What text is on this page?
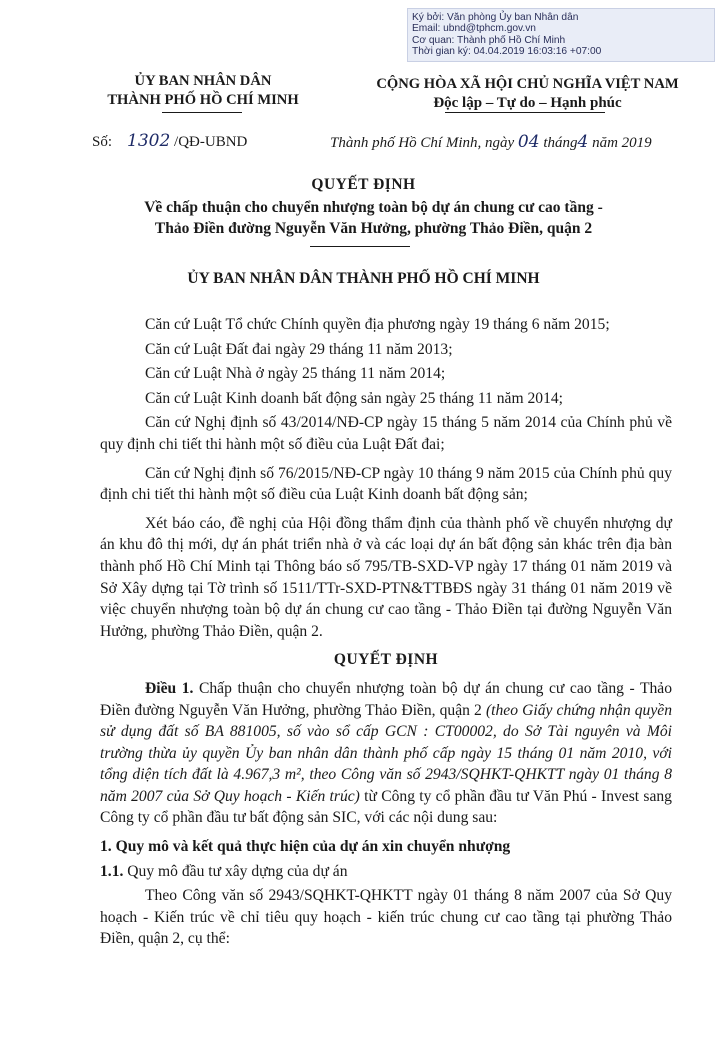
Ký bởi: Văn phòng Ủy ban Nhân dân
Email: ubnd@tphcm.gov.vn
Cơ quan: Thành phố Hồ Chí Minh
Thời gian ký: 04.04.2019 16:03:16 +07:00
ỦY BAN NHÂN DÂN
THÀNH PHỐ HỒ CHÍ MINH
CỘNG HÒA XÃ HỘI CHỦ NGHĨA VIỆT NAM
Độc lập – Tự do – Hạnh phúc
Số: 1302 /QĐ-UBND	Thành phố Hồ Chí Minh, ngày 04 tháng4 năm 2019
QUYẾT ĐỊNH
Về chấp thuận cho chuyển nhượng toàn bộ dự án chung cư cao tầng -
Thảo Điền đường Nguyễn Văn Hưởng, phường Thảo Điền, quận 2
ỦY BAN NHÂN DÂN THÀNH PHỐ HỒ CHÍ MINH

Căn cứ Luật Tổ chức Chính quyền địa phương ngày 19 tháng 6 năm 2015;

Căn cứ Luật Đất đai ngày 29 tháng 11 năm 2013;

Căn cứ Luật Nhà ở ngày 25 tháng 11 năm 2014;

Căn cứ Luật Kinh doanh bất động sản ngày 25 tháng 11 năm 2014;

Căn cứ Nghị định số 43/2014/NĐ-CP ngày 15 tháng 5 năm 2014 của Chính phủ về quy định chi tiết thi hành một số điều của Luật Đất đai;

Căn cứ Nghị định số 76/2015/NĐ-CP ngày 10 tháng 9 năm 2015 của Chính phủ quy định chi tiết thi hành một số điều của Luật Kinh doanh bất động sản;

Xét báo cáo, đề nghị của Hội đồng thẩm định của thành phố về chuyển nhượng dự án khu đô thị mới, dự án phát triển nhà ở và các loại dự án bất động sản khác trên địa bàn thành phố Hồ Chí Minh tại Thông báo số 795/TB-SXD-VP ngày 17 tháng 01 năm 2019 và Sở Xây dựng tại Tờ trình số 1511/TTr-SXD-PTN&TTBĐS ngày 31 tháng 01 năm 2019 về việc chuyển nhượng toàn bộ dự án chung cư cao tầng - Thảo Điền tại đường Nguyễn Văn Hưởng, phường Thảo Điền, quận 2.

QUYẾT ĐỊNH

Điều 1. Chấp thuận cho chuyển nhượng toàn bộ dự án chung cư cao tầng - Thảo Điền đường Nguyễn Văn Hưởng, phường Thảo Điền, quận 2 (theo Giấy chứng nhận quyền sử dụng đất số BA 881005, số vào sổ cấp GCN : CT00002, do Sở Tài nguyên và Môi trường thừa ủy quyền Ủy ban nhân dân thành phố cấp ngày 15 tháng 01 năm 2010, với tổng diện tích đất là 4.967,3 m², theo Công văn số 2943/SQHKT-QHKTT ngày 01 tháng 8 năm 2007 của Sở Quy hoạch - Kiến trúc) từ Công ty cổ phần đầu tư Văn Phú - Invest sang Công ty cổ phần đầu tư bất động sản SIC, với các nội dung sau:

1. Quy mô và kết quả thực hiện của dự án xin chuyển nhượng

1.1. Quy mô đầu tư xây dựng của dự án

Theo Công văn số 2943/SQHKT-QHKTT ngày 01 tháng 8 năm 2007 của Sở Quy hoạch - Kiến trúc về chỉ tiêu quy hoạch - kiến trúc chung cư cao tầng tại phường Thảo Điền, quận 2, cụ thể:
